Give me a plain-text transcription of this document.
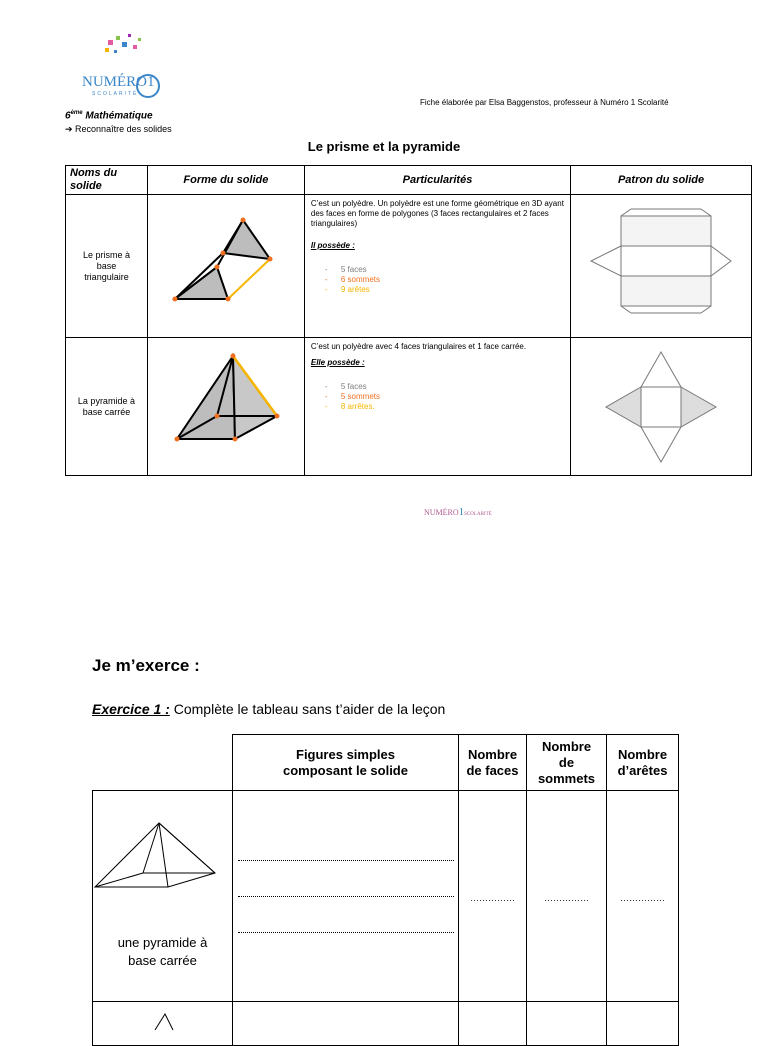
NUMÉRO1
SCOLARITÉ
Fiche élaborée par Elsa Baggenstos, professeur à Numéro 1 Scolarité
6ème Mathématique
➔ Reconnaître des solides
Le prisme et la pyramide
Noms du solide	Forme du solide	Particularités	Patron du solide

Le prisme à base triangulaire		C’est un polyèdre. Un polyèdre est une forme géométrique en 3D ayant des faces en forme de polygones (3 faces rectangulaires et 2 faces triangulaires)
Il possède :
- 5 faces
- 6 sommets
- 9 arêtes

La pyramide à base carrée		C’est un polyèdre avec 4 faces triangulaires et 1 face carrée.
Elle possède :
- 5 faces
- 5 sommets
- 8 arrêtes.

NUMÉRO1SCOLARITÉ
Je m’exerce :
Exercice 1 : Complète le tableau sans t’aider de la leçon

	Figures simples composant le solide	Nombre de faces	Nombre de sommets	Nombre d’arêtes

une pyramide à base carrée		……………	……………	……………
